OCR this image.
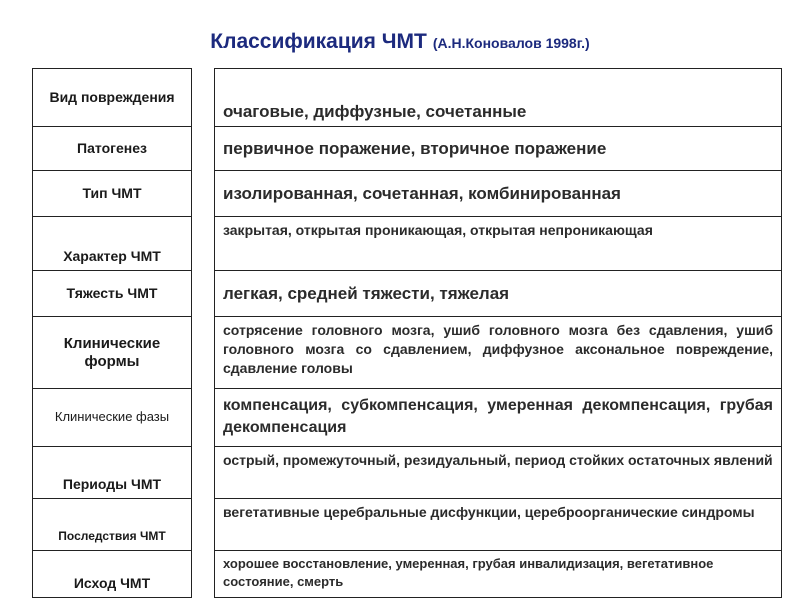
Классификация ЧМТ (А.Н.Коновалов 1998г.)
Вид повреждения
Патогенез
Тип ЧМТ
Характер ЧМТ
Тяжесть ЧМТ
Клинические формы
Клинические фазы
Периоды ЧМТ
Последствия ЧМТ
Исход ЧМТ
очаговые, диффузные, сочетанные
первичное поражение, вторичное поражение
изолированная, сочетанная, комбинированная
закрытая, открытая проникающая, открытая непроникающая
легкая, средней тяжести, тяжелая
сотрясение головного мозга, ушиб головного мозга без сдавления, ушиб головного мозга со сдавлением, диффузное аксональное повреждение, сдавление головы
компенсация, субкомпенсация, умеренная декомпенсация, грубая декомпенсация
острый, промежуточный, резидуальный, период стойких остаточных явлений
вегетативные церебральные дисфункции, цереброорганические синдромы
хорошее восстановление, умеренная, грубая инвалидизация, вегетативное состояние, смерть
